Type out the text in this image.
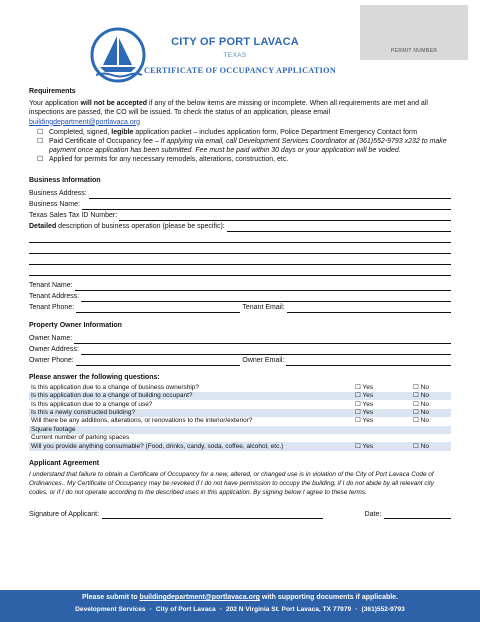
CITY OF PORT LAVACA
TEXAS
CERTIFICATE OF OCCUPANCY APPLICATION
PERMIT NUMBER
Requirements

Your application will not be accepted if any of the below items are missing or incomplete. When all requirements are met and all inspections are passed, the CO will be issued. To check the status of an application, please email
buildingdepartment@portlavaca.org

☐ Completed, signed, legible application packet – includes application form, Police Department Emergency Contact form
☐ Paid Certificate of Occupancy fee – If applying via email, call Development Services Coordinator at (361)552-9793 x232 to make payment once application has been submitted. Fee must be paid within 30 days or your application will be voided.
☐ Applied for permits for any necessary remodels, alterations, construction, etc.
Business Information
Business Address:
Business Name:
Texas Sales Tax ID Number:
Detailed description of business operation (please be specific):
Tenant Name:
Tenant Address:
Tenant Phone:	Tenant Email:
Property Owner Information
Owner Name:
Owner Address:
Owner Phone:	Owner Email:
Please answer the following questions:
Is this application due to a change of business ownership?	☐ Yes	☐ No
Is this application due to a change of building occupant?	☐ Yes	☐ No
Is this application due to a change of use?	☐ Yes	☐ No
Is this a newly constructed building?	☐ Yes	☐ No
Will there be any additions, alterations, or renovations to the interior/exterior?	☐ Yes	☐ No
Square footage		
Current number of parking spaces		
Will you provide anything consumable? (Food, drinks, candy, soda, coffee, alcohol, etc.)	☐ Yes	☐ No
Applicant Agreement

I understand that failure to obtain a Certificate of Occupancy for a new, altered, or changed use is in violation of the City of Port Lavaca Code of Ordinances.. My Certificate of Occupancy may be revoked if I do not have permission to occupy the building, if I do not abide by all relevant city codes, or if I do not operate according to the described uses in this application. By signing below I agree to these terms.

Signature of Applicant:	Date:
Please submit to buildingdepartment@portlavaca.org with supporting documents if applicable.
Development Services ◦ City of Port Lavaca ◦ 202 N Virginia St. Port Lavaca, TX 77979 ◦ (361)552-9793
